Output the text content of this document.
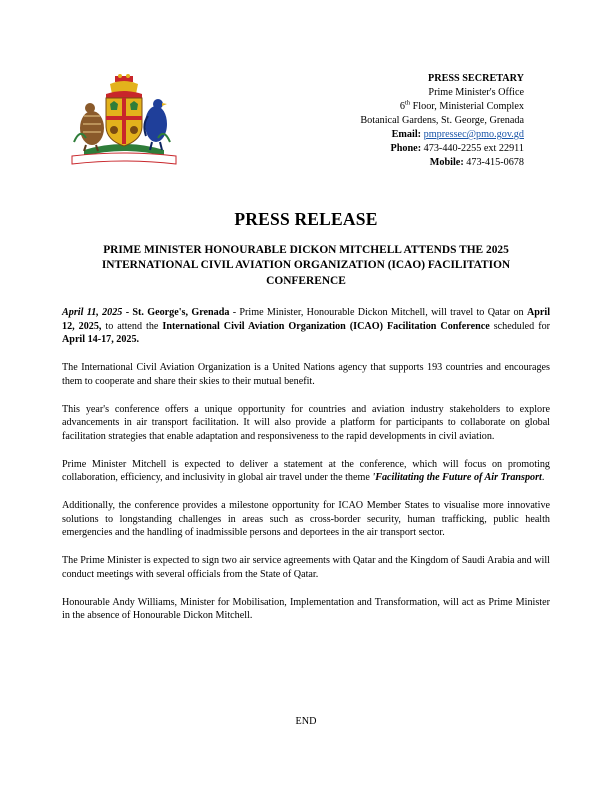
PRESS SECRETARY
Prime Minister's Office
6th Floor, Ministerial Complex
Botanical Gardens, St. George, Grenada
Email: pmpressec@pmo.gov.gd
Phone: 473-440-2255 ext 22911
Mobile: 473-415-0678
PRESS RELEASE
PRIME MINISTER HONOURABLE DICKON MITCHELL ATTENDS THE 2025 INTERNATIONAL CIVIL AVIATION ORGANIZATION (ICAO) FACILITATION CONFERENCE

April 11, 2025 - St. George's, Grenada - Prime Minister, Honourable Dickon Mitchell, will travel to Qatar on April 12, 2025, to attend the International Civil Aviation Organization (ICAO) Facilitation Conference scheduled for April 14-17, 2025.

The International Civil Aviation Organization is a United Nations agency that supports 193 countries and encourages them to cooperate and share their skies to their mutual benefit.

This year's conference offers a unique opportunity for countries and aviation industry stakeholders to explore advancements in air transport facilitation. It will also provide a platform for participants to collaborate on global facilitation strategies that enable adaptation and responsiveness to the rapid developments in civil aviation.

Prime Minister Mitchell is expected to deliver a statement at the conference, which will focus on promoting collaboration, efficiency, and inclusivity in global air travel under the theme 'Facilitating the Future of Air Transport.

Additionally, the conference provides a milestone opportunity for ICAO Member States to visualise more innovative solutions to longstanding challenges in areas such as cross-border security, human trafficking, public health emergencies and the handling of inadmissible persons and deportees in the air transport sector.

The Prime Minister is expected to sign two air service agreements with Qatar and the Kingdom of Saudi Arabia and will conduct meetings with several officials from the State of Qatar.

Honourable Andy Williams, Minister for Mobilisation, Implementation and Transformation, will act as Prime Minister in the absence of Honourable Dickon Mitchell.

END
